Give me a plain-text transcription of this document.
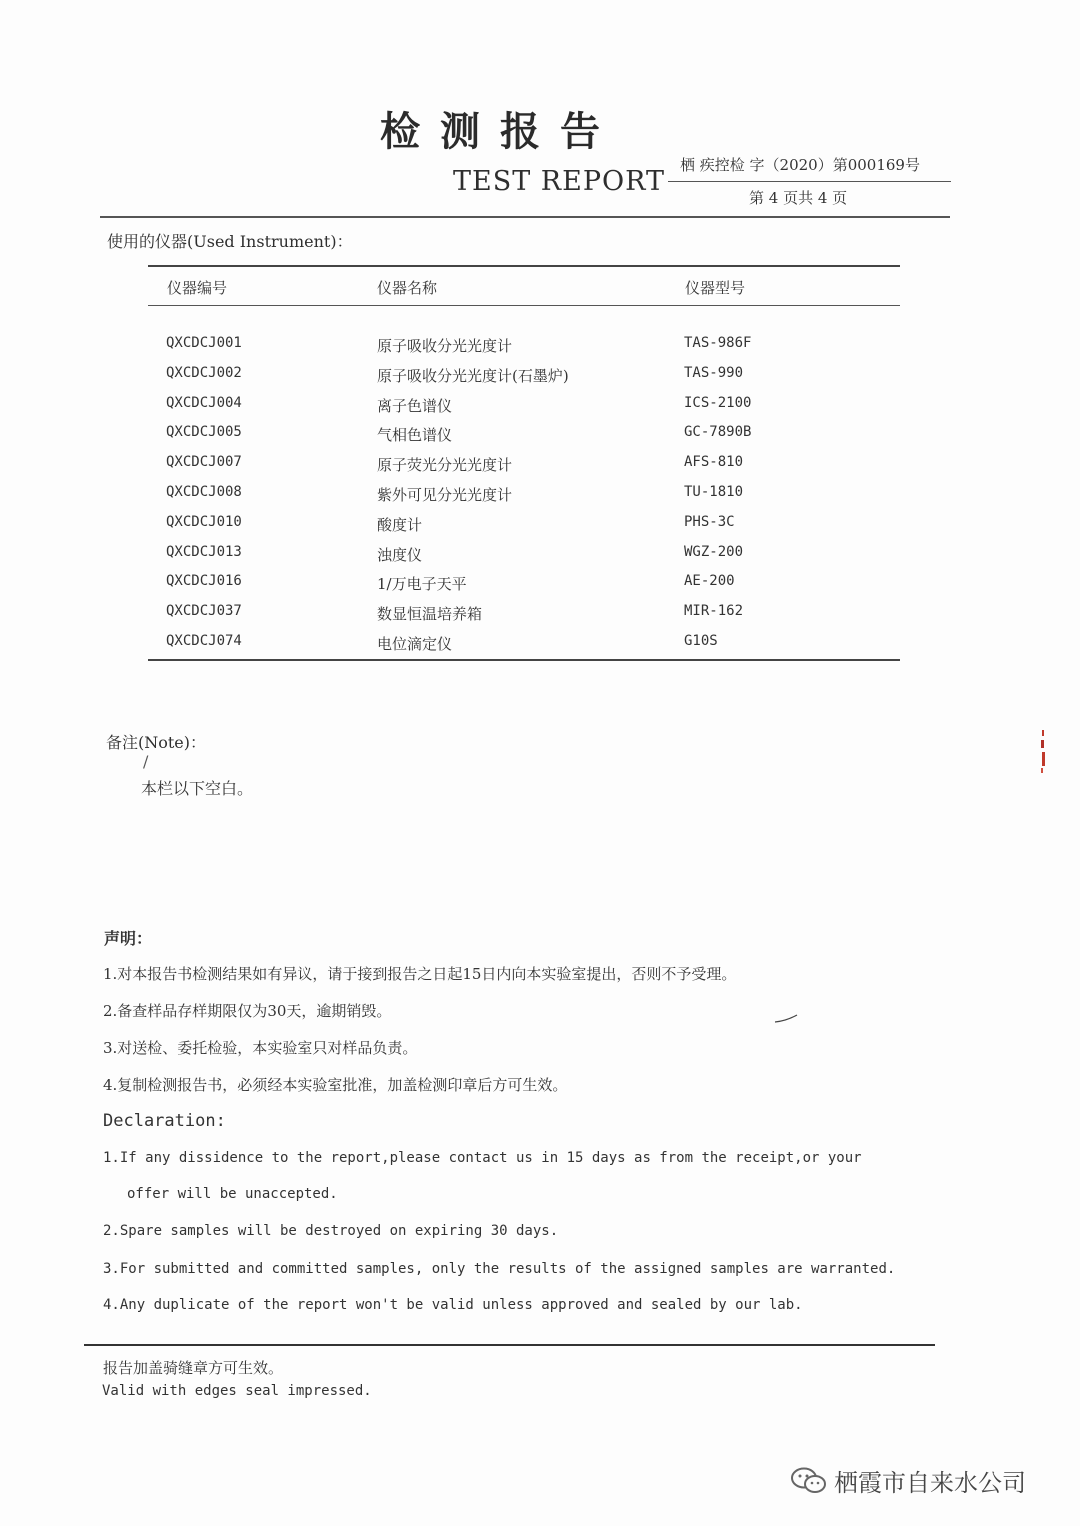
检测报告
TEST REPORT
栖 疾控检 字（2020）第000169号
第 4 页共 4 页
使用的仪器(Used Instrument)：
仪器编号	仪器名称	仪器型号
QXCDCJ001	原子吸收分光光度计	TAS-986F
QXCDCJ002	原子吸收分光光度计(石墨炉)	TAS-990
QXCDCJ004	离子色谱仪	ICS-2100
QXCDCJ005	气相色谱仪	GC-7890B
QXCDCJ007	原子荧光分光光度计	AFS-810
QXCDCJ008	紫外可见分光光度计	TU-1810
QXCDCJ010	酸度计	PHS-3C
QXCDCJ013	浊度仪	WGZ-200
QXCDCJ016	1/万电子天平	AE-200
QXCDCJ037	数显恒温培养箱	MIR-162
QXCDCJ074	电位滴定仪	G10S
备注(Note)：
/
本栏以下空白。
声明：
1.对本报告书检测结果如有异议，请于接到报告之日起15日内向本实验室提出，否则不予受理。
2.备查样品存样期限仅为30天，逾期销毁。
3.对送检、委托检验，本实验室只对样品负责。
4.复制检测报告书，必须经本实验室批准，加盖检测印章后方可生效。
Declaration:
1.If any dissidence to the report,please contact us in 15 days as from the receipt,or your
offer will be unaccepted.
2.Spare samples will be destroyed on expiring 30 days.
3.For submitted and committed samples, only the results of the assigned samples are warranted.
4.Any duplicate of the report won't be valid unless approved and sealed by our lab.
报告加盖骑缝章方可生效。
Valid with edges seal impressed.
栖霞市自来水公司
